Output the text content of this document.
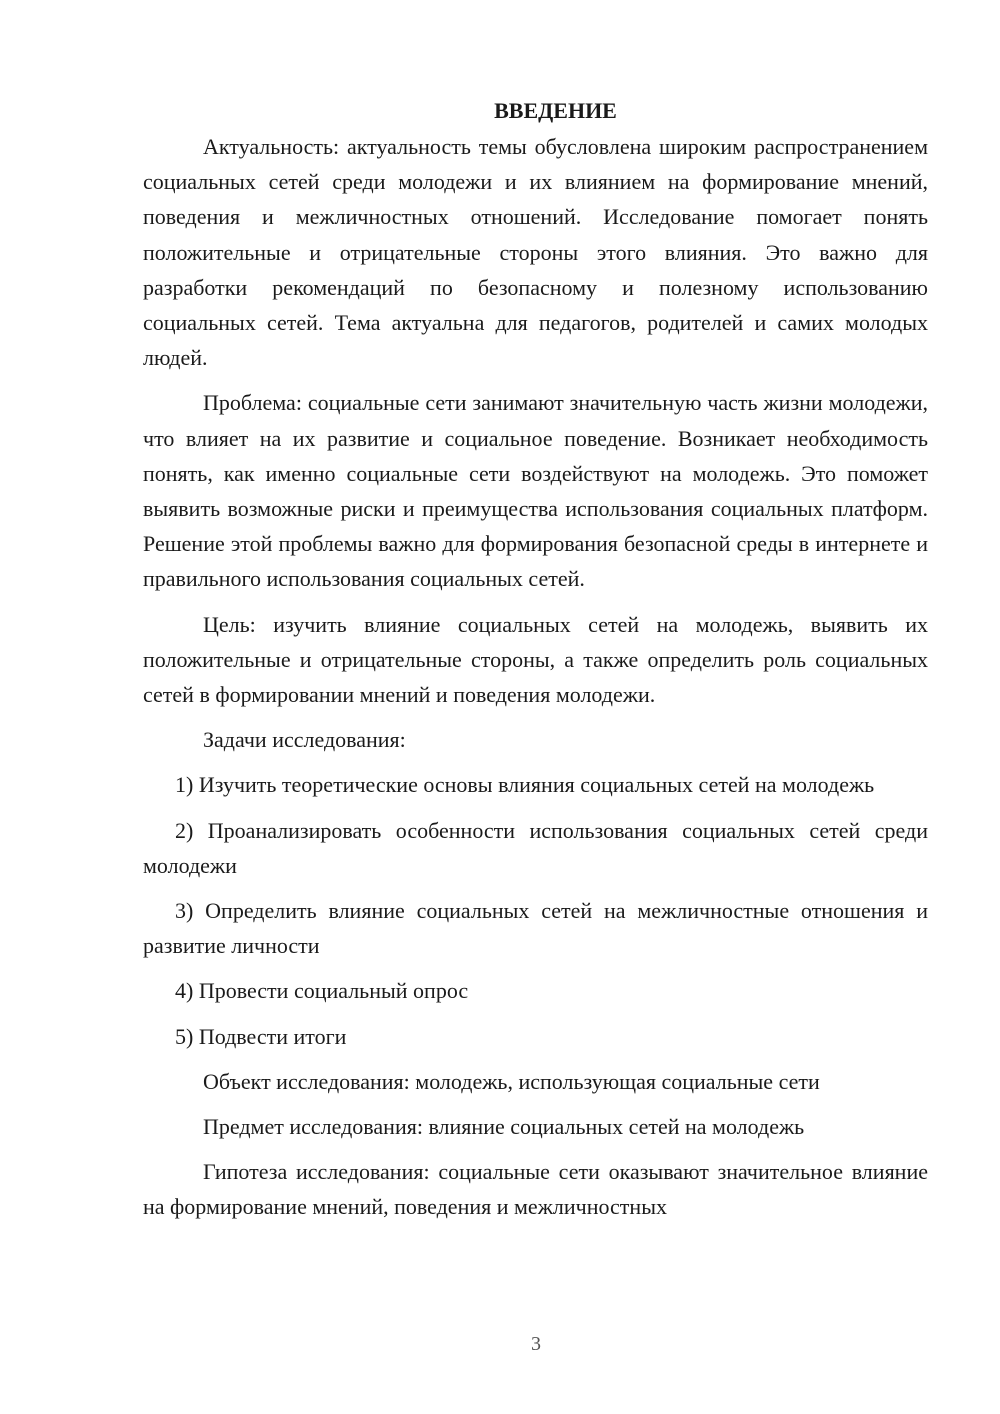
ВВЕДЕНИЕ

Актуальность: актуальность темы обусловлена широким распространением социальных сетей среди молодежи и их влиянием на формирование мнений, поведения и межличностных отношений. Исследование помогает понять положительные и отрицательные стороны этого влияния. Это важно для разработки рекомендаций по безопасному и полезному использованию социальных сетей. Тема актуальна для педагогов, родителей и самих молодых людей.

Проблема: социальные сети занимают значительную часть жизни молодежи, что влияет на их развитие и социальное поведение. Возникает необходимость понять, как именно социальные сети воздействуют на молодежь. Это поможет выявить возможные риски и преимущества использования социальных платформ. Решение этой проблемы важно для формирования безопасной среды в интернете и правильного использования социальных сетей.

Цель: изучить влияние социальных сетей на молодежь, выявить их положительные и отрицательные стороны, а также определить роль социальных сетей в формировании мнений и поведения молодежи.

Задачи исследования:

1) Изучить теоретические основы влияния социальных сетей на молодежь

2) Проанализировать особенности использования социальных сетей среди молодежи

3) Определить влияние социальных сетей на межличностные отношения и развитие личности

4) Провести социальный опрос

5) Подвести итоги

Объект исследования: молодежь, использующая социальные сети

Предмет исследования: влияние социальных сетей на молодежь

Гипотеза исследования: социальные сети оказывают значительное влияние на формирование мнений, поведения и межличностных

3
